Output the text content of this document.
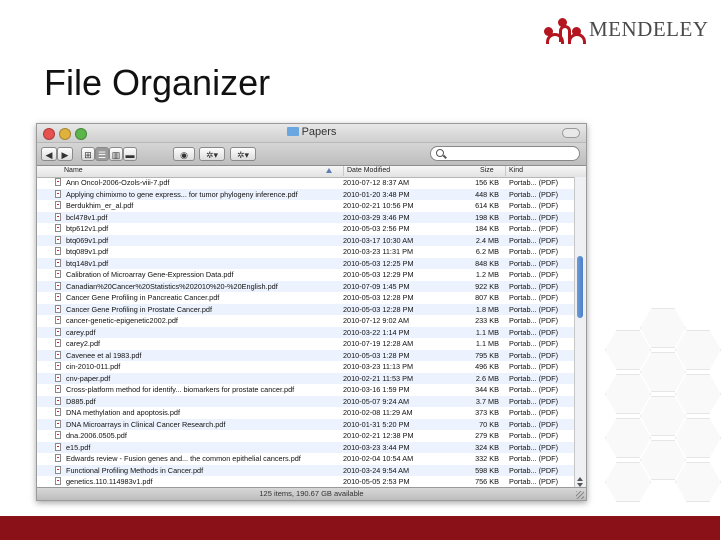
MENDELEY
File Organizer
Papers
◀	▶	⊞ ☰ ▥ ▬	◉	✲▾	✲▾
Name	Date Modified	Size	Kind
Ann Oncol-2006-Ozols-viii-7.pdf	2010-07-12 8:37 AM	156 KB Portab... (PDF)
Applying chimixmo to gene express... for tumor phylogeny inference.pdf	2010-01-20 3:48 PM	448 KB Portab... (PDF)
Berdukhim_er_al.pdf	2010-02-21 10:56 PM	614 KB Portab... (PDF)
bcl478v1.pdf	2010-03-29 3:46 PM	198 KB Portab... (PDF)
btp612v1.pdf	2010-05-03 2:56 PM	184 KB Portab... (PDF)
btq069v1.pdf	2010-03-17 10:30 AM	2.4 MB Portab... (PDF)
btq089v1.pdf	2010-03-23 11:31 PM	6.2 MB Portab... (PDF)
btq148v1.pdf	2010-05-03 12:25 PM	848 KB Portab... (PDF)
Calibration of Microarray Gene-Expression Data.pdf	2010-05-03 12:29 PM	1.2 MB Portab... (PDF)
Canadian%20Cancer%20Statistics%202010%20-%20English.pdf	2010-07-09 1:45 PM	922 KB Portab... (PDF)
Cancer Gene Profiling in Pancreatic Cancer.pdf	2010-05-03 12:28 PM	807 KB Portab... (PDF)
Cancer Gene Profiling in Prostate Cancer.pdf	2010-05-03 12:28 PM	1.8 MB Portab... (PDF)
cancer-genetic-epigenetic2002.pdf	2010-07-12 9:02 AM	233 KB Portab... (PDF)
carey.pdf	2010-03-22 1:14 PM	1.1 MB Portab... (PDF)
carey2.pdf	2010-07-19 12:28 AM	1.1 MB Portab... (PDF)
Cavenee et al 1983.pdf	2010-05-03 1:28 PM	795 KB Portab... (PDF)
cin-2010-011.pdf	2010-03-23 11:13 PM	496 KB Portab... (PDF)
cnv-paper.pdf	2010-02-21 11:53 PM	2.6 MB Portab... (PDF)
Cross-platform method for identify... biomarkers for prostate cancer.pdf	2010-03-16 1:59 PM	344 KB Portab... (PDF)
D885.pdf	2010-05-07 9:24 AM	3.7 MB Portab... (PDF)
DNA methylation and apoptosis.pdf	2010-02-08 11:29 AM	373 KB Portab... (PDF)
DNA Microarrays in Clinical Cancer Research.pdf	2010-01-31 5:20 PM	70 KB Portab... (PDF)
dna.2006.0505.pdf	2010-02-21 12:38 PM	279 KB Portab... (PDF)
e15.pdf	2010-03-23 3:44 PM	324 KB Portab... (PDF)
Edwards review - Fusion genes and... the common epithelial cancers.pdf	2010-02-04 10:54 AM	332 KB Portab... (PDF)
Functional Profiling Methods in Cancer.pdf	2010-03-24 9:54 AM	598 KB Portab... (PDF)
genetics.110.114983v1.pdf	2010-05-05 2:53 PM	756 KB Portab... (PDF)
125 items, 190.67 GB available
